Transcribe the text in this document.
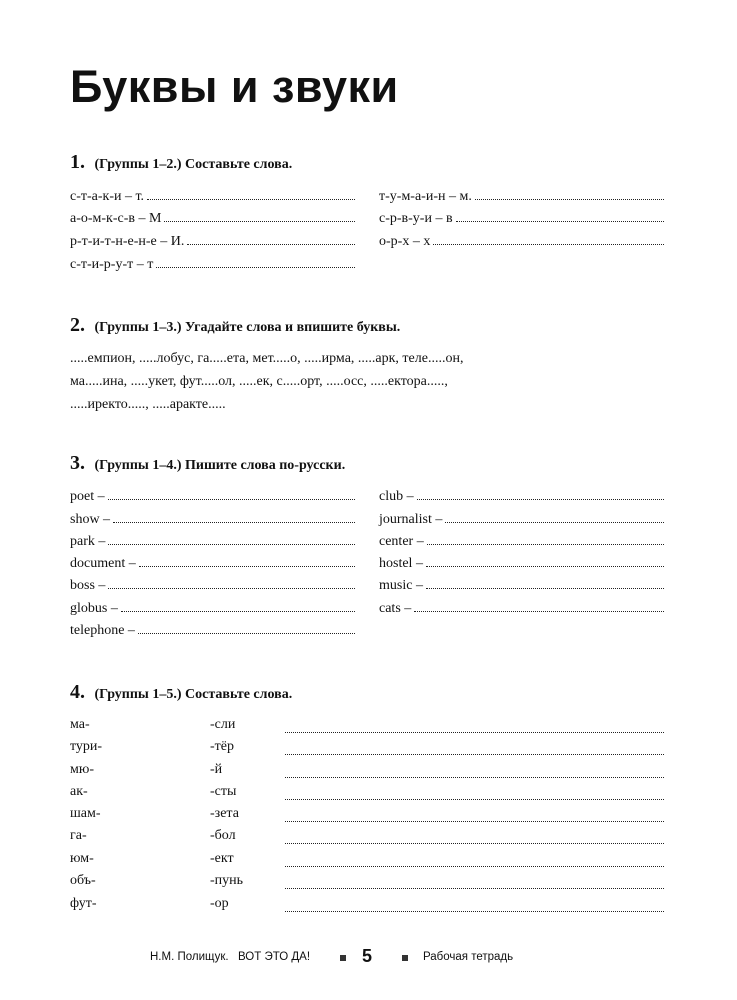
Буквы и звуки
1. (Группы 1–2.) Составьте слова.
с-т-а-к-и – т.
а-о-м-к-с-в – М
р-т-и-т-н-е-н-е – И.
с-т-и-р-у-т – т
т-у-м-а-и-н – м.
с-р-в-у-и – в
о-р-х – х
2. (Группы 1–3.) Угадайте слова и впишите буквы.
.....емпион, .....лобус, га.....ета, мет.....о, .....ирма, .....арк, теле.....он,
ма.....ина, .....укет, фут.....ол, .....ек, с.....орт, .....осс, .....ектора.....,
.....иректо....., .....аракте.....
3. (Группы 1–4.) Пишите слова по-русски.
poet –
show –
park –
document –
boss –
globus –
telephone –
club –
journalist –
center –
hostel –
music –
cats –
4. (Группы 1–5.) Составьте слова.
ма-
тури-
мю-
ак-
шам-
га-
юм-
объ-
фут-
-сли
-тёр
-й
-сты
-зета
-бол
-ект
-пунь
-ор
Н.М. Полищук. ВОТ ЭТО ДА!	5	Рабочая тетрадь
